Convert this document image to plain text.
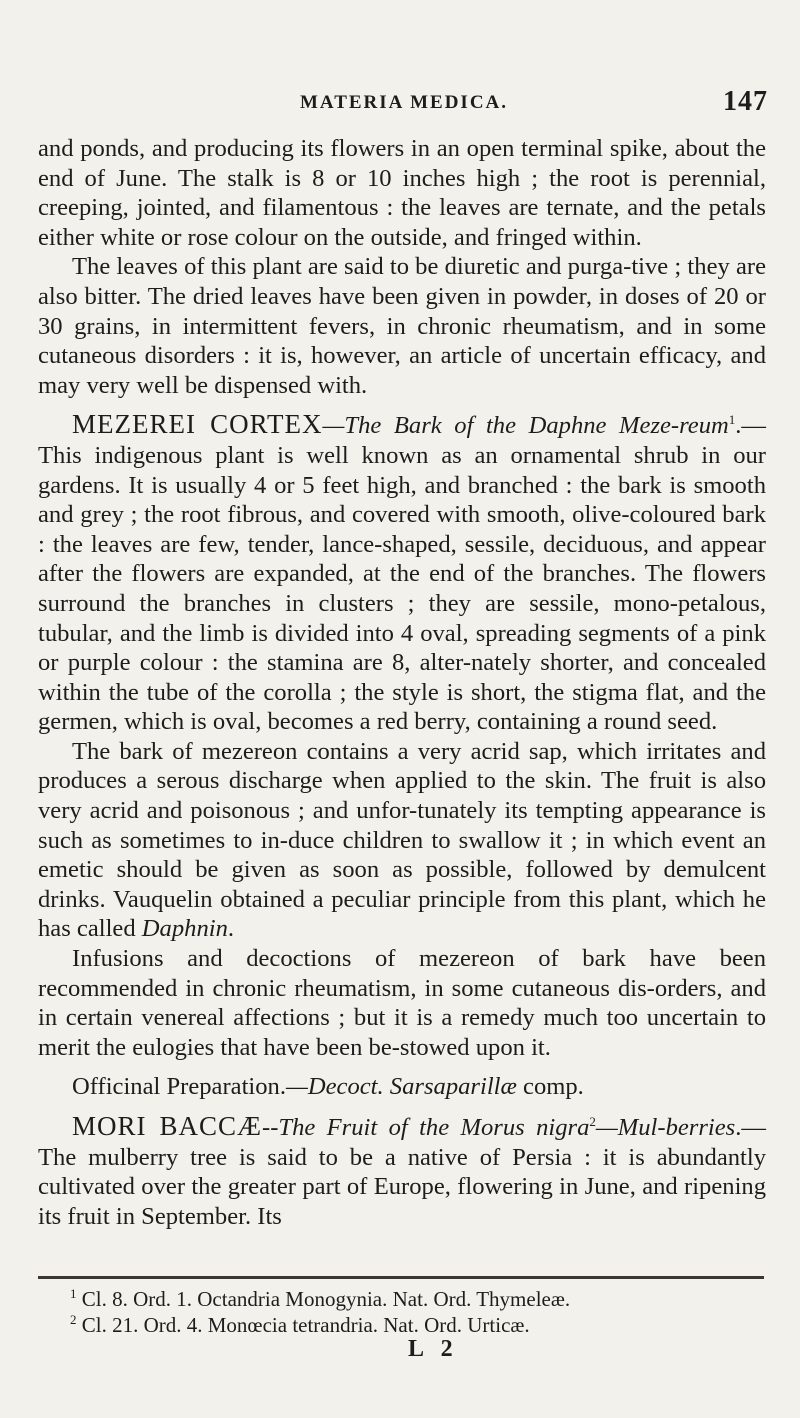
MATERIA MEDICA.	147

and ponds, and producing its flowers in an open terminal spike, about the end of June. The stalk is 8 or 10 inches high ; the root is perennial, creeping, jointed, and filamentous : the leaves are ternate, and the petals either white or rose colour on the outside, and fringed within.

The leaves of this plant are said to be diuretic and purga-tive ; they are also bitter. The dried leaves have been given in powder, in doses of 20 or 30 grains, in intermittent fevers, in chronic rheumatism, and in some cutaneous disorders : it is, however, an article of uncertain efficacy, and may very well be dispensed with.

MEZEREI CORTEX—The Bark of the Daphne Meze-reum$^1$.—This indigenous plant is well known as an ornamental shrub in our gardens. It is usually 4 or 5 feet high, and branched : the bark is smooth and grey ; the root fibrous, and covered with smooth, olive-coloured bark : the leaves are few, tender, lance-shaped, sessile, deciduous, and appear after the flowers are expanded, at the end of the branches. The flowers surround the branches in clusters ; they are sessile, mono-petalous, tubular, and the limb is divided into 4 oval, spreading segments of a pink or purple colour : the stamina are 8, alter-nately shorter, and concealed within the tube of the corolla ; the style is short, the stigma flat, and the germen, which is oval, becomes a red berry, containing a round seed.

The bark of mezereon contains a very acrid sap, which irritates and produces a serous discharge when applied to the skin. The fruit is also very acrid and poisonous ; and unfor-tunately its tempting appearance is such as sometimes to in-duce children to swallow it ; in which event an emetic should be given as soon as possible, followed by demulcent drinks. Vauquelin obtained a peculiar principle from this plant, which he has called Daphnin.

Infusions and decoctions of mezereon of bark have been recommended in chronic rheumatism, in some cutaneous dis-orders, and in certain venereal affections ; but it is a remedy much too uncertain to merit the eulogies that have been be-stowed upon it.

Officinal Preparation.—Decoct. Sarsaparillæ comp.

MORI BACCÆ--The Fruit of the Morus nigra$^2$—Mul-berries.—The mulberry tree is said to be a native of Persia : it is abundantly cultivated over the greater part of Europe, flowering in June, and ripening its fruit in September. Its

$^1$ Cl. 8. Ord. 1. Octandria Monogynia. Nat. Ord. Thymeleæ.
$^2$ Cl. 21. Ord. 4. Monœcia tetrandria. Nat. Ord. Urticæ.
L 2
